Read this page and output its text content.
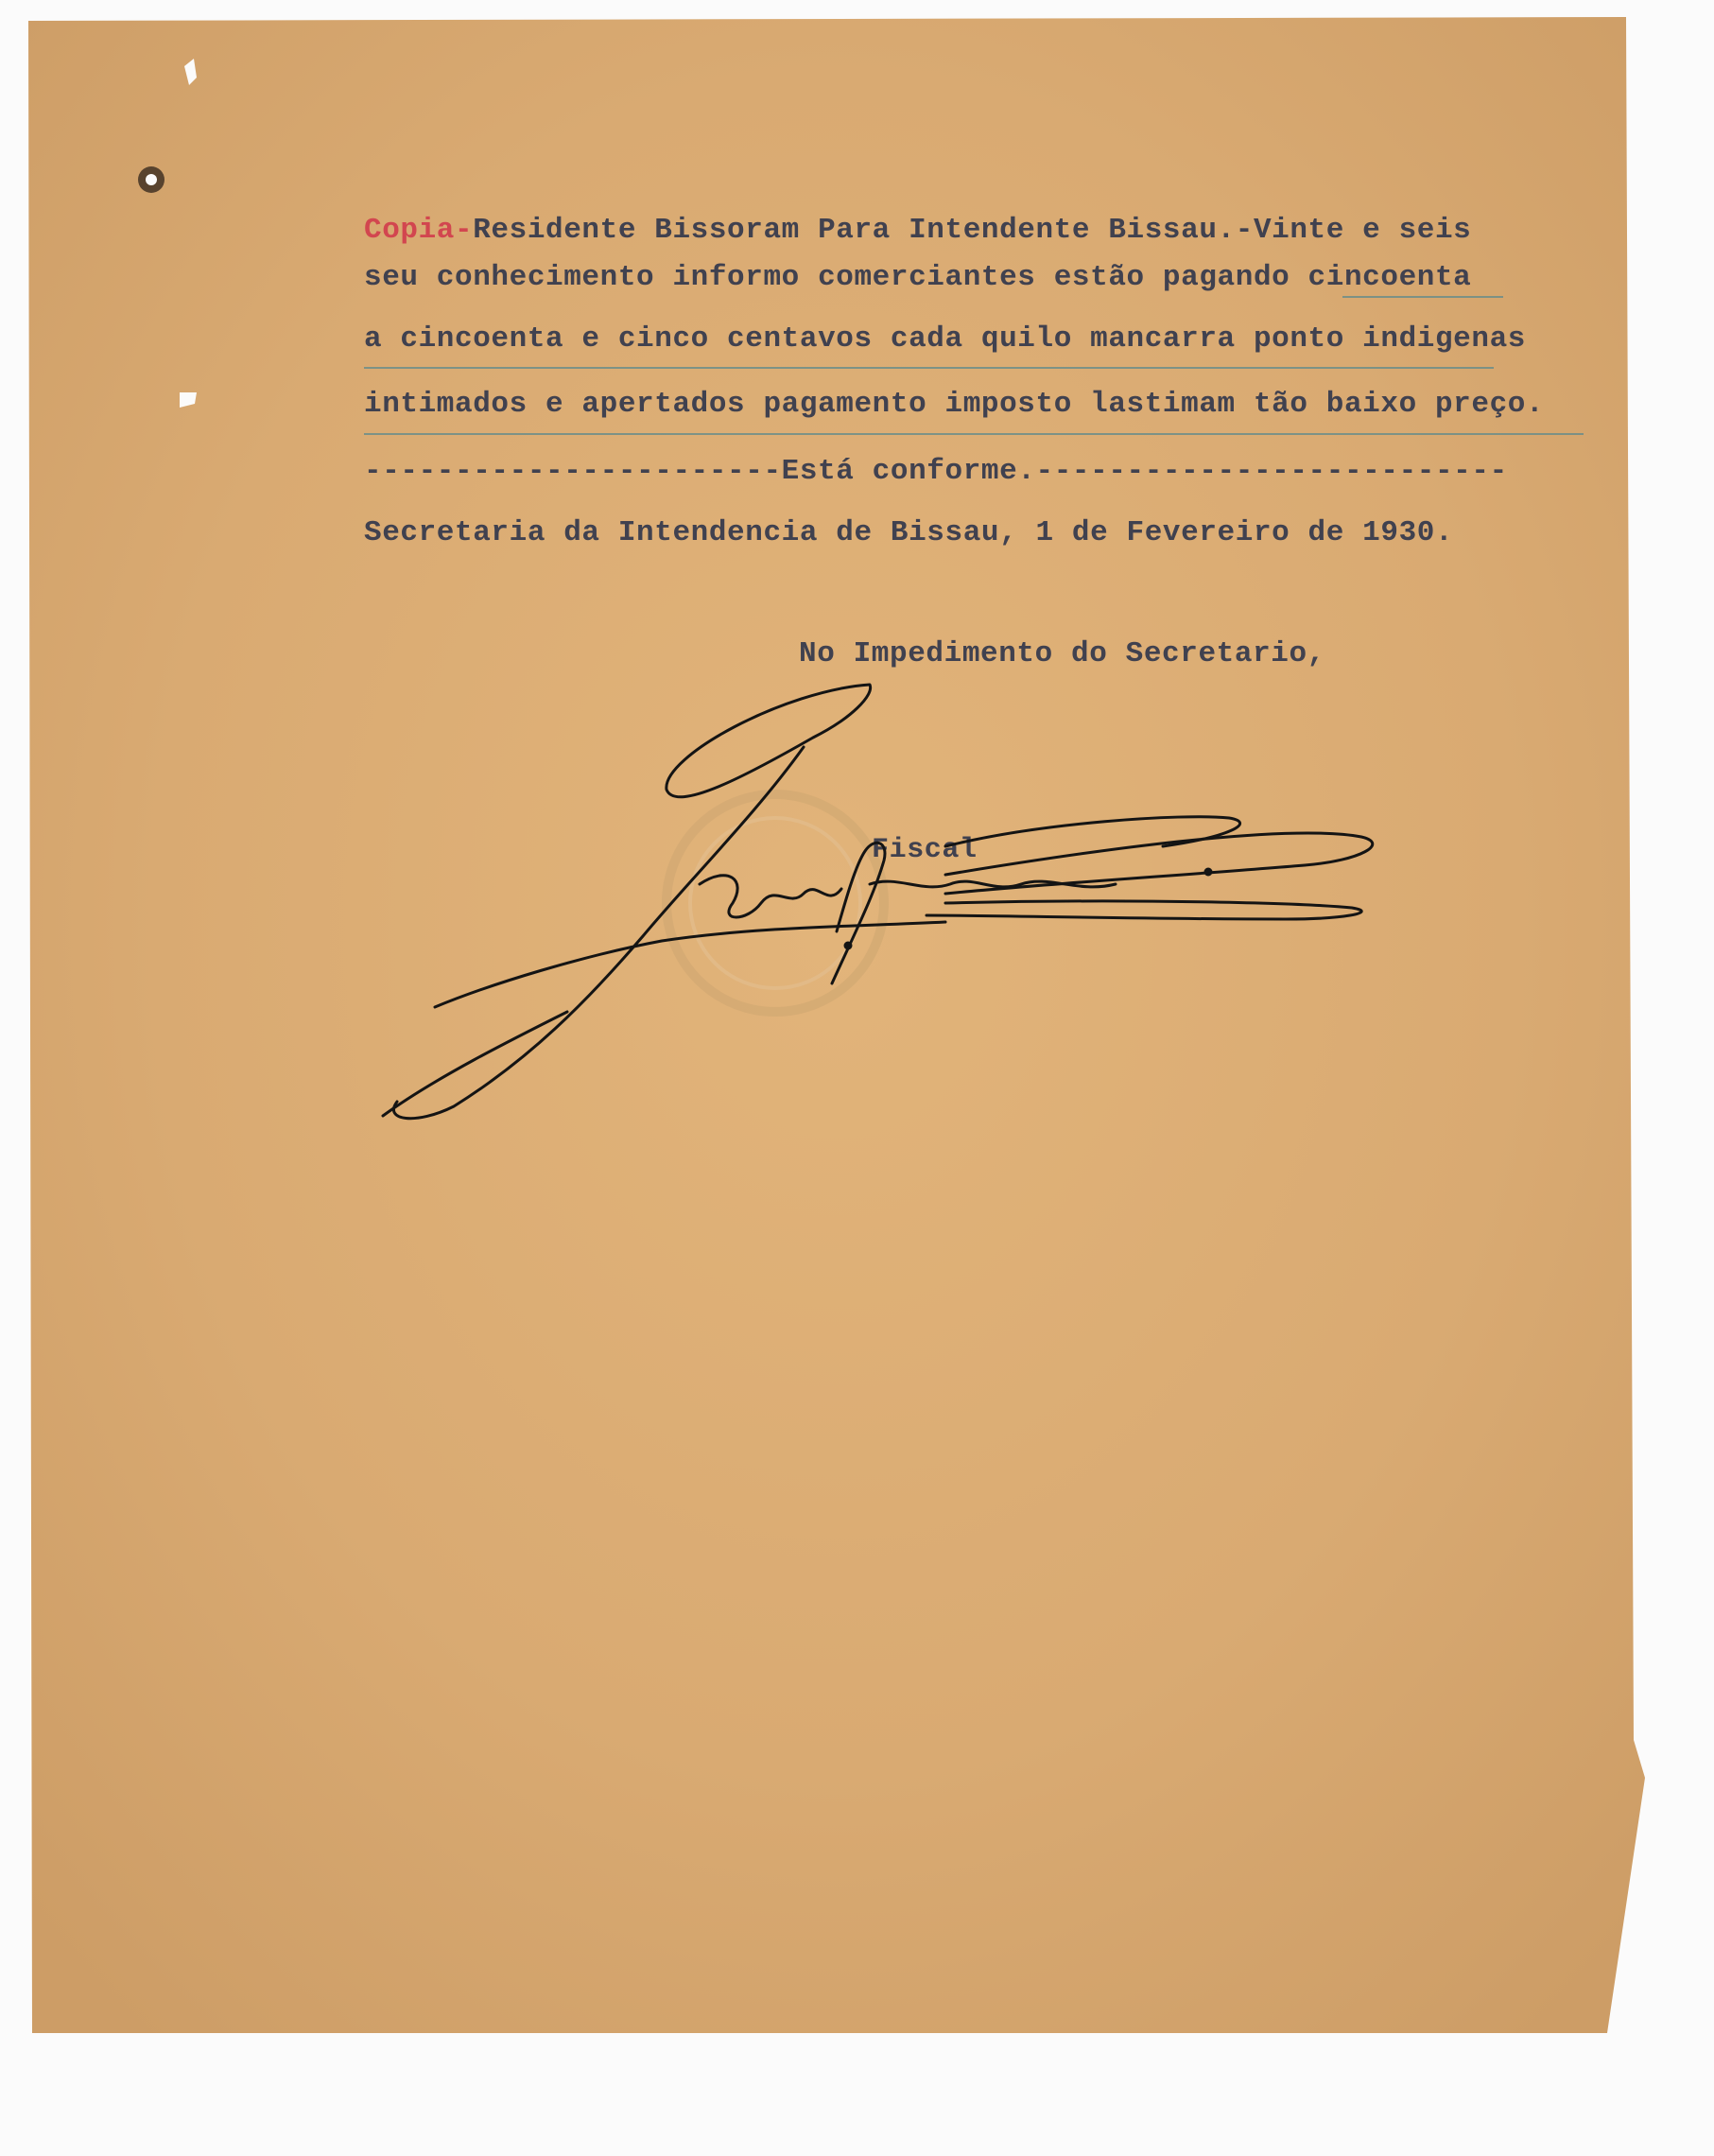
Copia-Residente Bissoram Para Intendente Bissau.-Vinte e seis
seu conhecimento informo comerciantes estão pagando cincoenta
a cincoenta e cinco centavos cada quilo mancarra ponto indigenas
intimados e apertados pagamento imposto lastimam tão baixo preço.
-----------------------Está conforme.--------------------------
Secretaria da Intendencia de Bissau, 1 de Fevereiro de 1930.
No Impedimento do Secretario,
Fiscal
